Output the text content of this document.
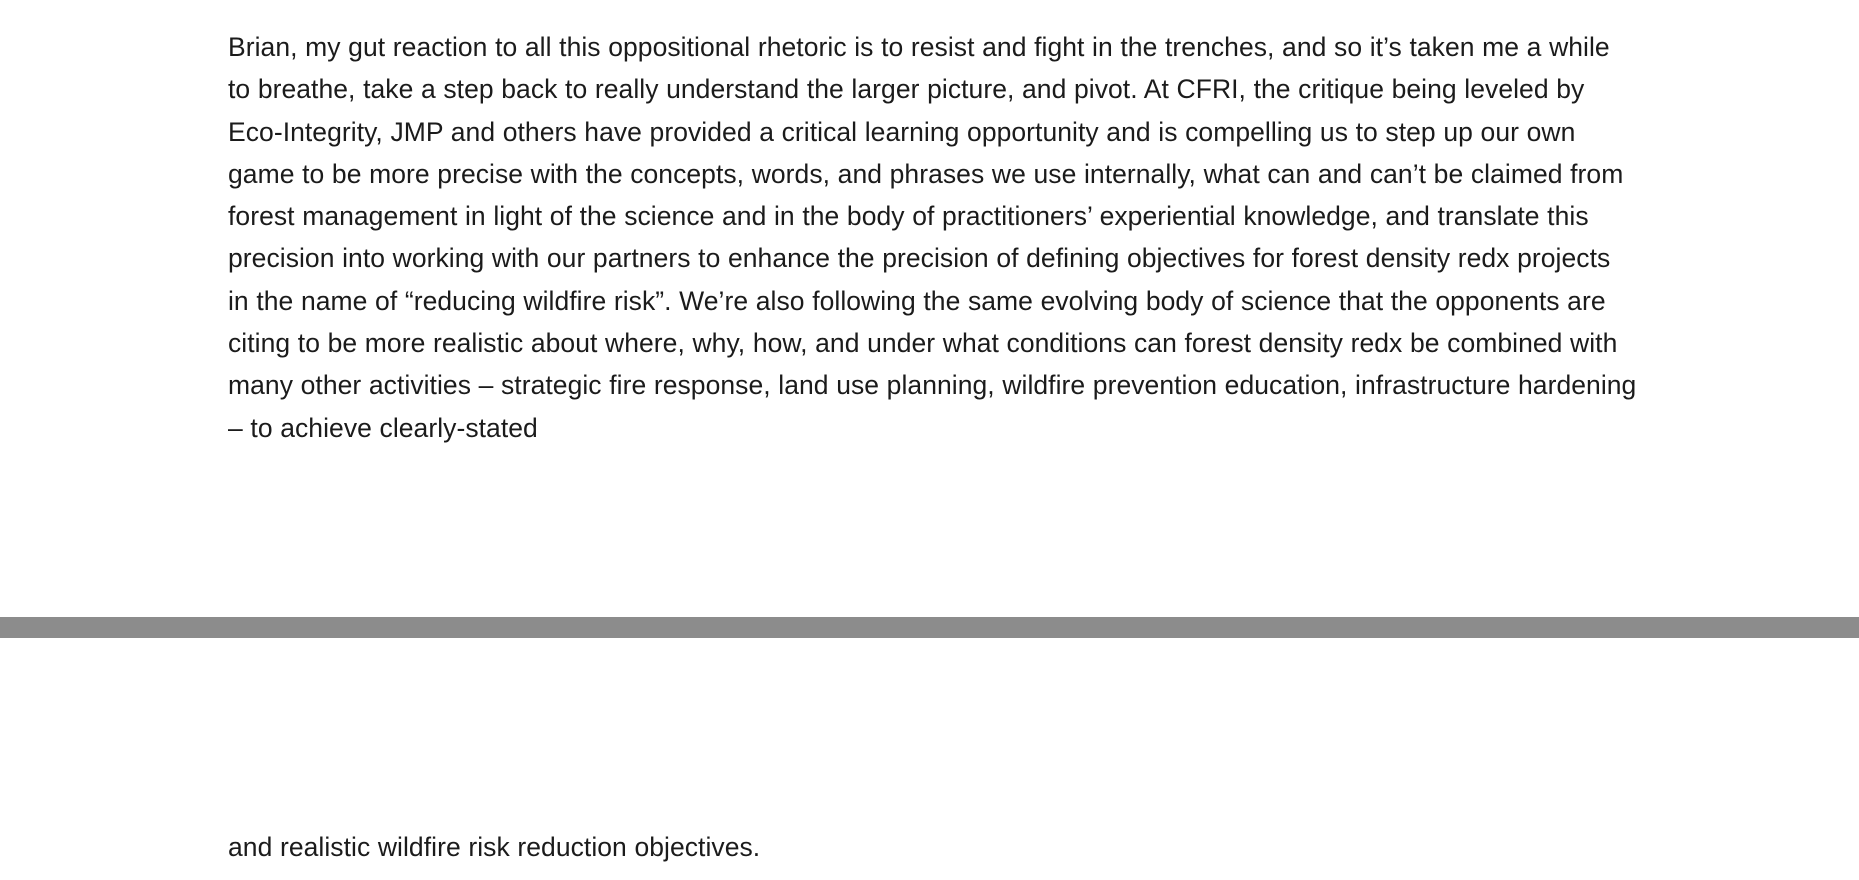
Brian, my gut reaction to all this oppositional rhetoric is to resist and fight in the trenches, and so it’s taken me a while to breathe, take a step back to really understand the larger picture, and pivot. At CFRI, the critique being leveled by Eco-Integrity, JMP and others have provided a critical learning opportunity and is compelling us to step up our own game to be more precise with the concepts, words, and phrases we use internally, what can and can’t be claimed from forest management in light of the science and in the body of practitioners’ experiential knowledge, and translate this precision into working with our partners to enhance the precision of defining objectives for forest density redx projects in the name of “reducing wildfire risk”. We’re also following the same evolving body of science that the opponents are citing to be more realistic about where, why, how, and under what conditions can forest density redx be combined with many other activities – strategic fire response, land use planning, wildfire prevention education, infrastructure hardening – to achieve clearly-stated
and realistic wildfire risk reduction objectives.
